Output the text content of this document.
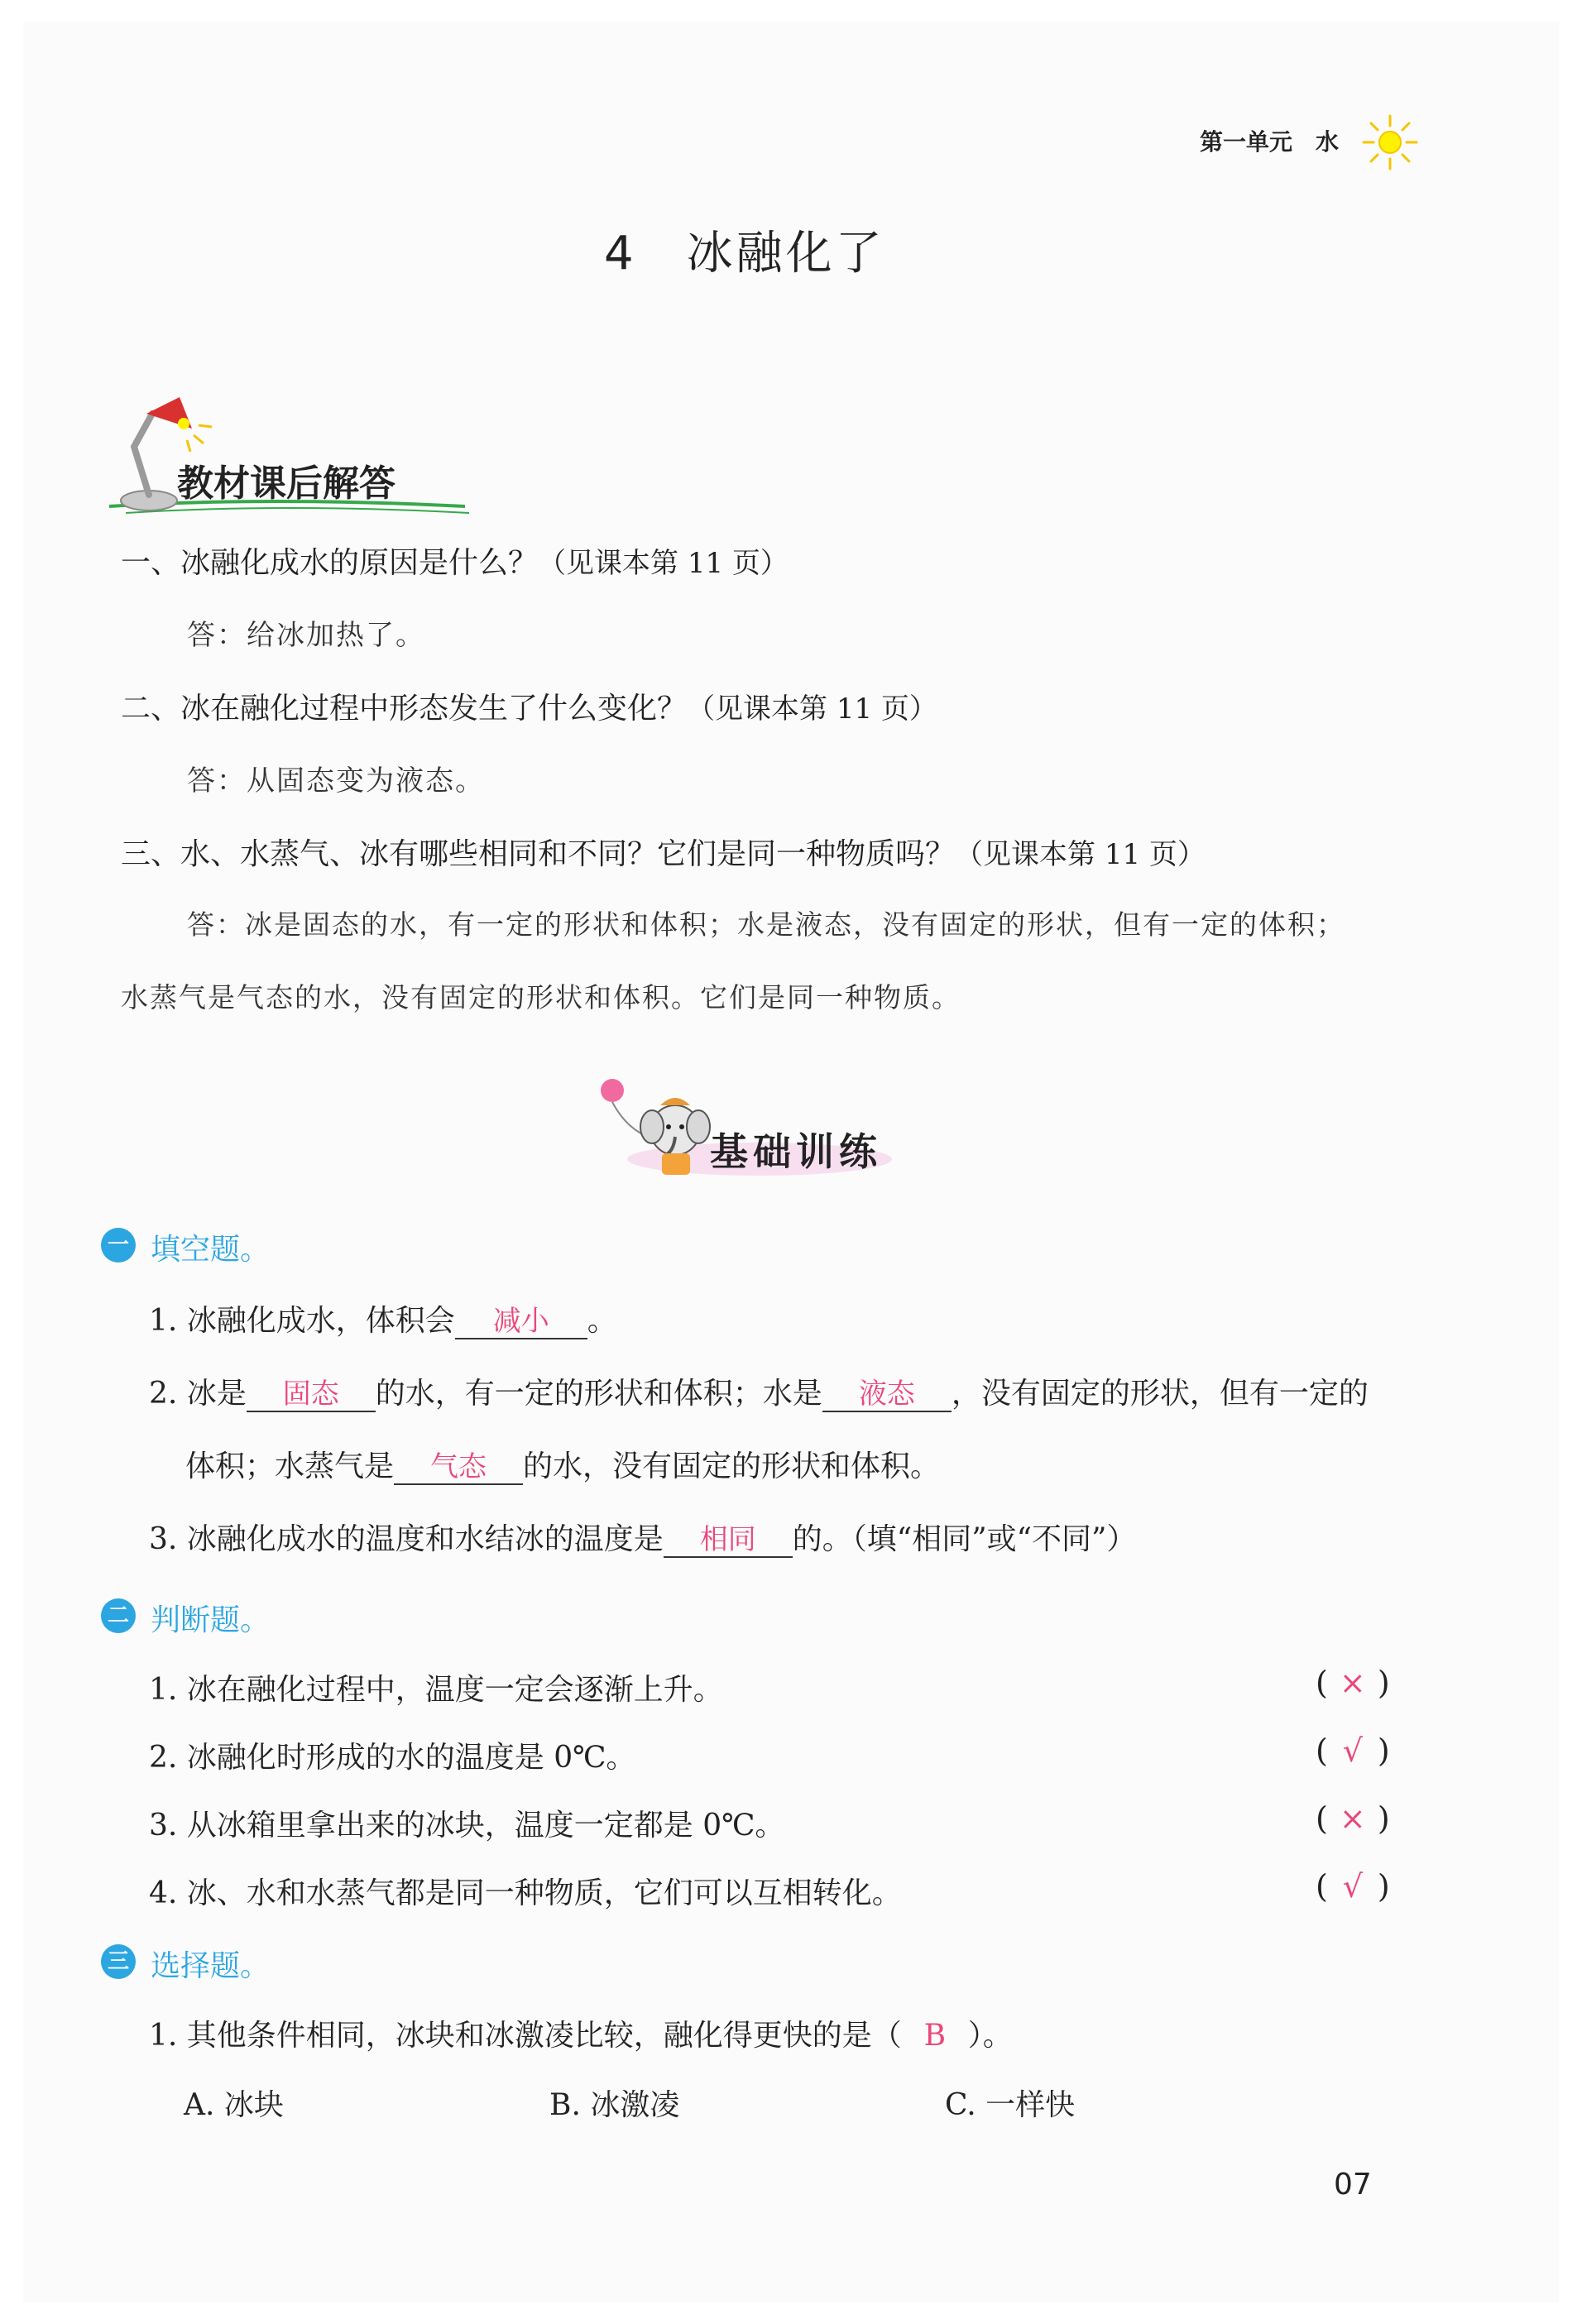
第一单元　水
4 冰融化了
教材课后解答
一、冰融化成水的原因是什么？（见课本第 11 页）
答：给冰加热了。
二、冰在融化过程中形态发生了什么变化？（见课本第 11 页）
答：从固态变为液态。
三、水、水蒸气、冰有哪些相同和不同？它们是同一种物质吗？（见课本第 11 页）
答：冰是固态的水，有一定的形状和体积；水是液态，没有固定的形状，但有一定的体积；
水蒸气是气态的水，没有固定的形状和体积。它们是同一种物质。
基础训练
一 填空题。
1. 冰融化成水，体积会 减小 。
2. 冰是 固态 的水，有一定的形状和体积；水是 液态 ，没有固定的形状，但有一定的
体积；水蒸气是 气态 的水，没有固定的形状和体积。
3. 冰融化成水的温度和水结冰的温度是 相同 的。（填“相同”或“不同”）
二 判断题。
1. 冰在融化过程中，温度一定会逐渐上升。	( × )
2. 冰融化时形成的水的温度是 0℃。	( √ )
3. 从冰箱里拿出来的冰块，温度一定都是 0℃。	( × )
4. 冰、水和水蒸气都是同一种物质，它们可以互相转化。	( √ )
三 选择题。
1. 其他条件相同，冰块和冰激凌比较，融化得更快的是（ B ）。
A. 冰块	B. 冰激凌	C. 一样快
07
